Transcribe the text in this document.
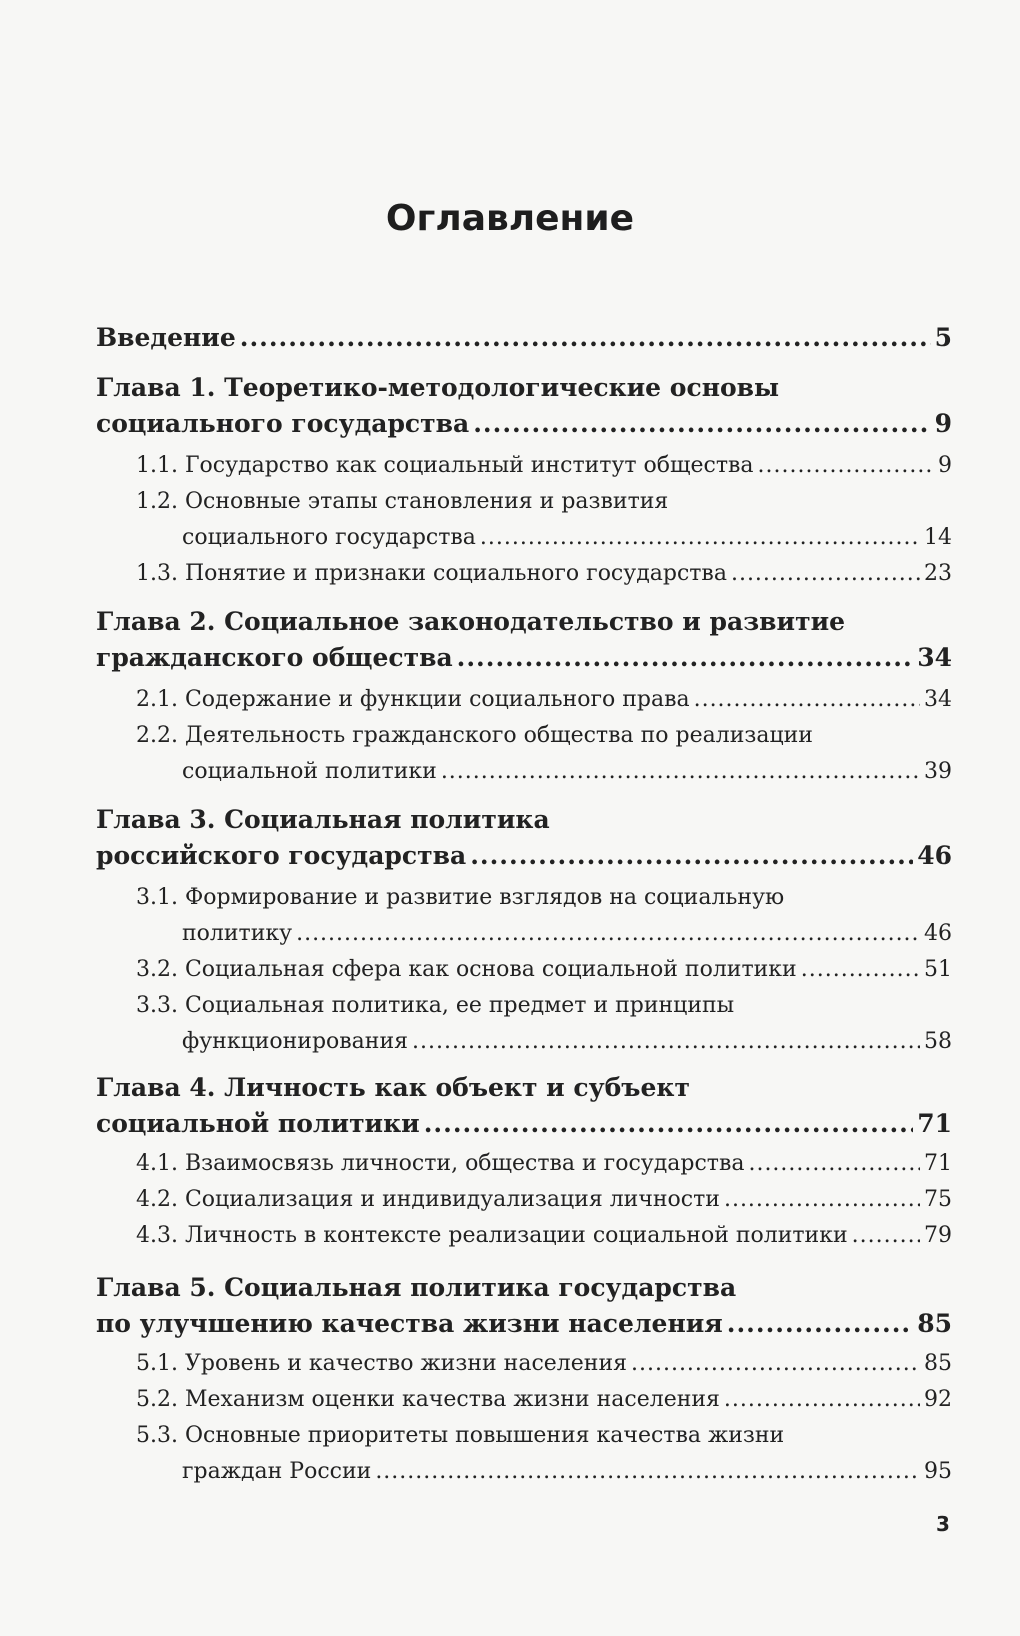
Оглавление
Введение .....	5
Глава 1. Теоретико-методологические основы
социального государства .....	9
1.1. Государство как социальный институт общества .....	9
1.2. Основные этапы становления и развития
социального государства .....	14
1.3. Понятие и признаки социального государства .....	23
Глава 2. Социальное законодательство и развитие
гражданского общества .....	34
2.1. Содержание и функции социального права .....	34
2.2. Деятельность гражданского общества по реализации
социальной политики .....	39
Глава 3. Социальная политика
российского государства .....	46
3.1. Формирование и развитие взглядов на социальную
политику .....	46
3.2. Социальная сфера как основа социальной политики .....	51
3.3. Социальная политика, ее предмет и принципы
функционирования .....	58
Глава 4. Личность как объект и субъект
социальной политики .....	71
4.1. Взаимосвязь личности, общества и государства .....	71
4.2. Социализация и индивидуализация личности .....	75
4.3. Личность в контексте реализации социальной политики .....	79
Глава 5. Социальная политика государства
по улучшению качества жизни населения .....	85
5.1. Уровень и качество жизни населения .....	85
5.2. Механизм оценки качества жизни населения .....	92
5.3. Основные приоритеты повышения качества жизни
граждан России .....	95
3
